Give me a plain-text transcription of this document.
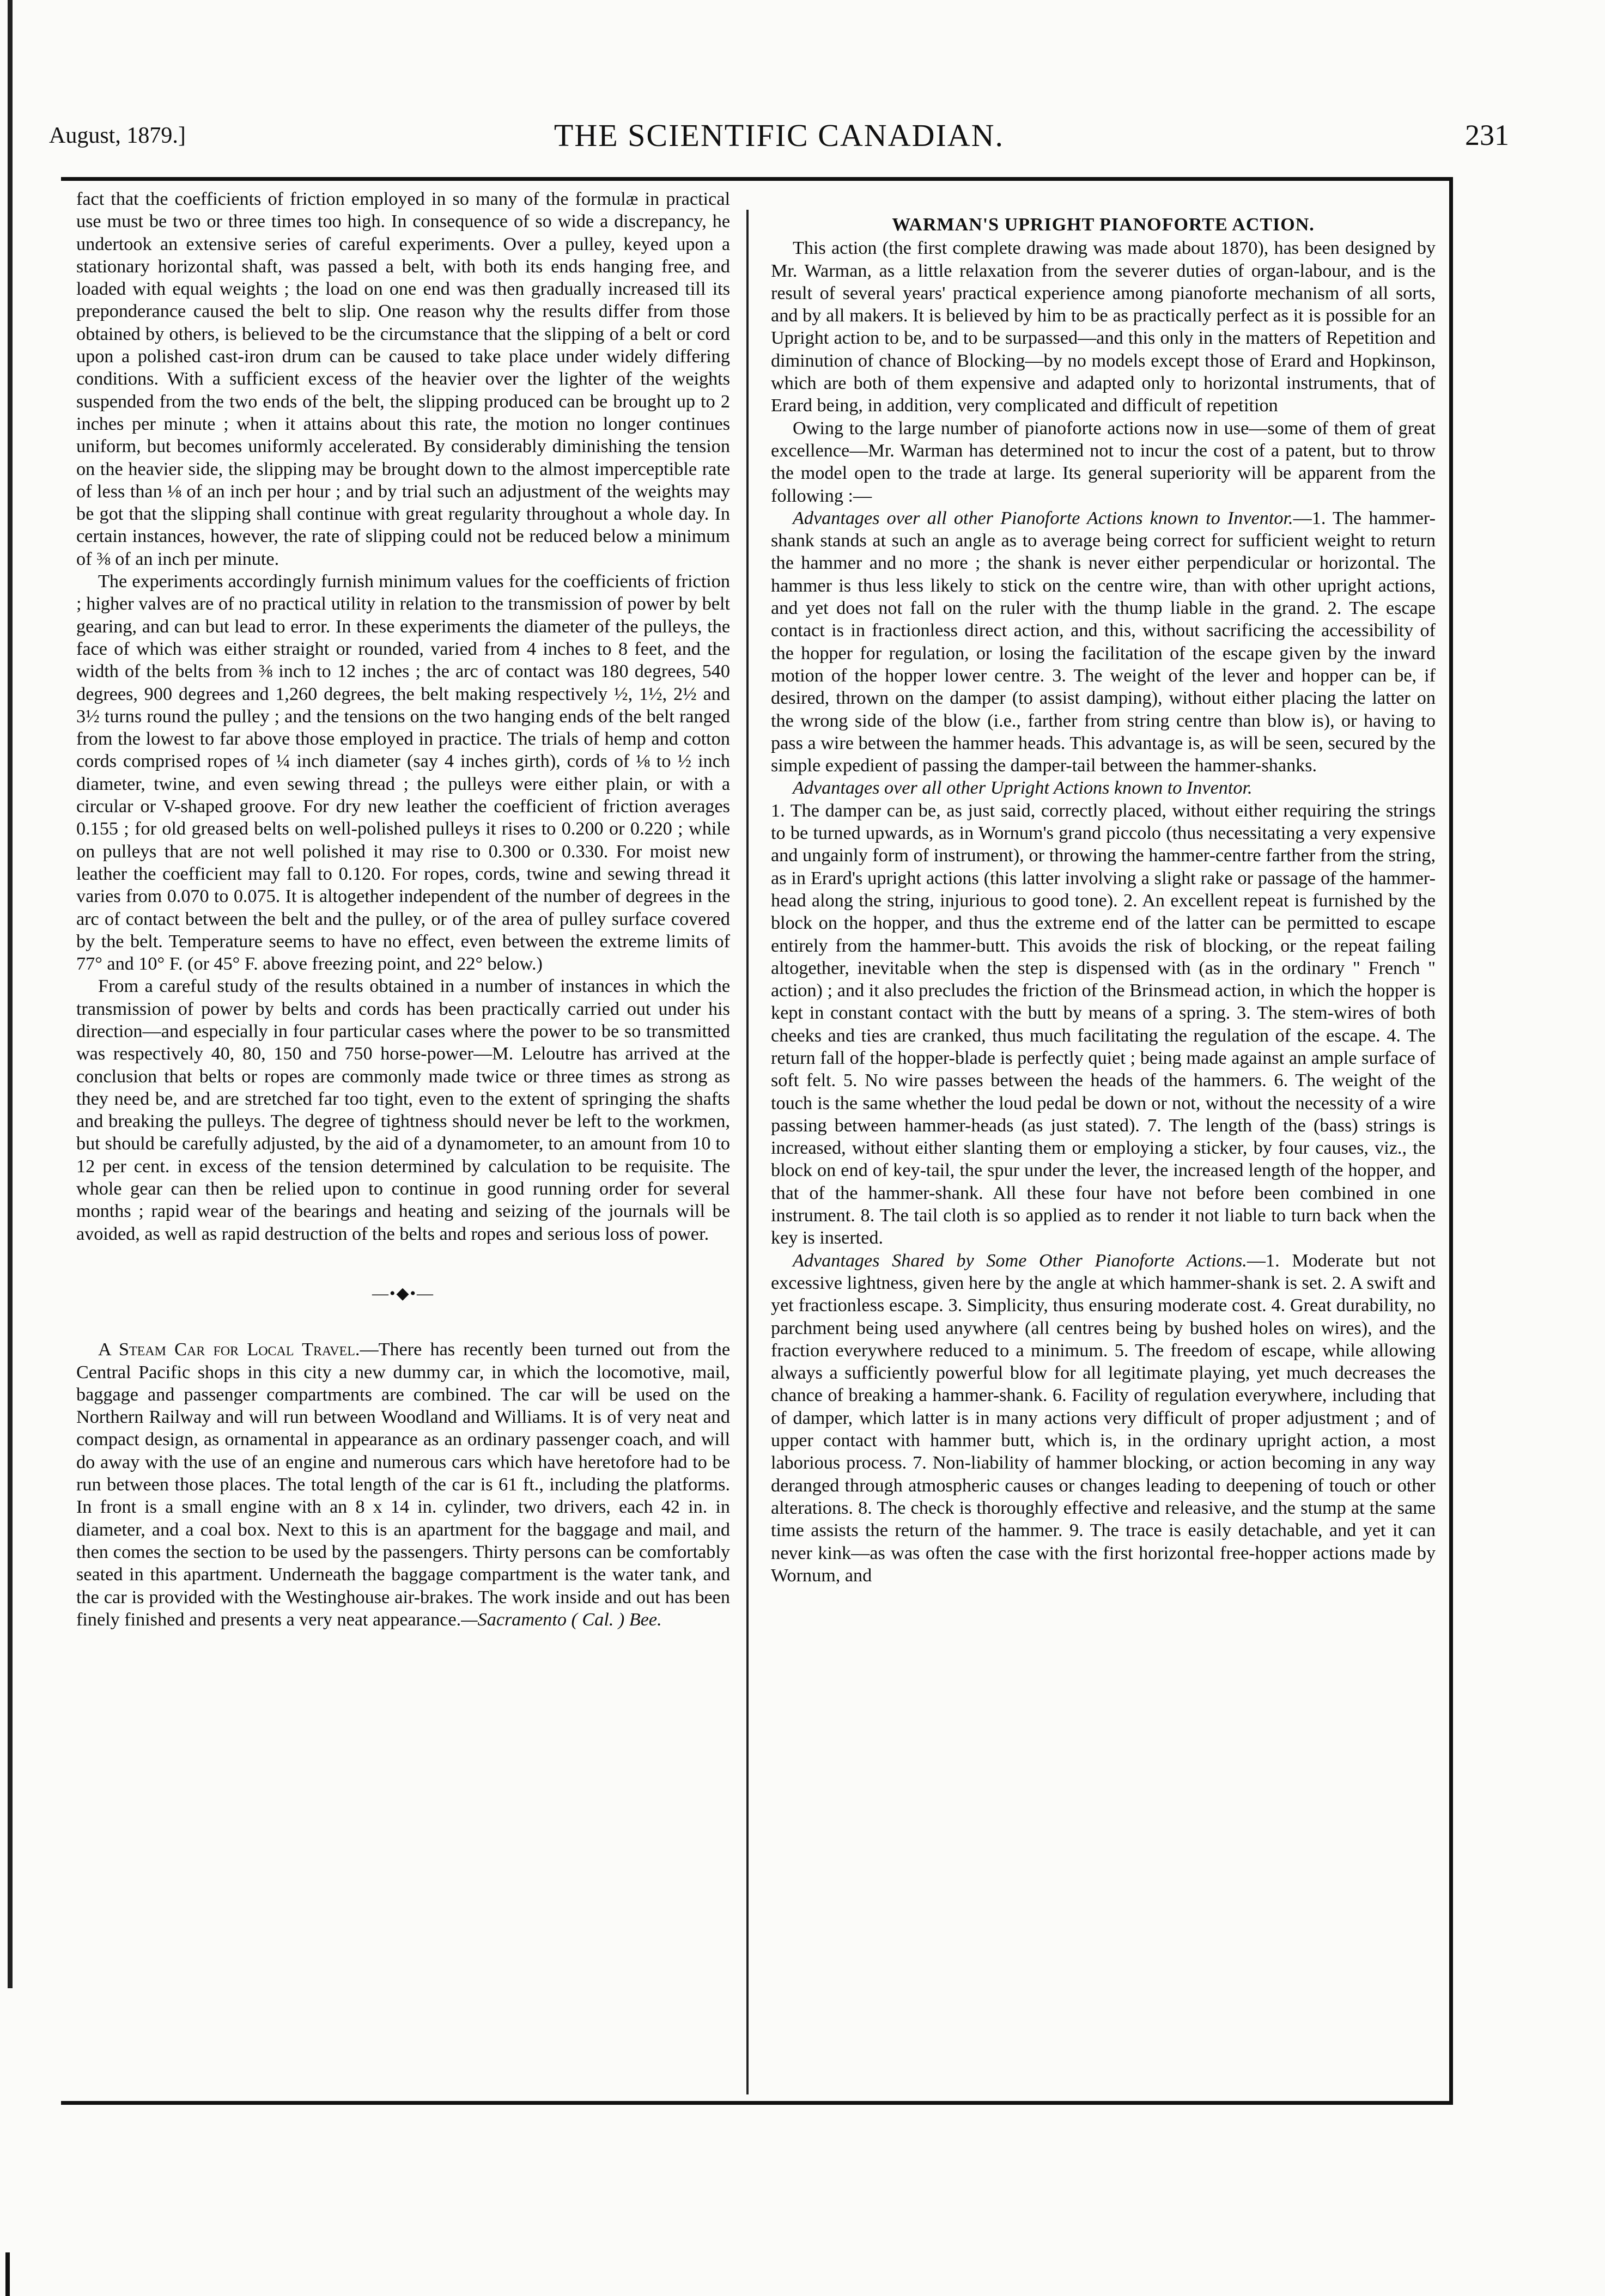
August, 1879.]	THE SCIENTIFIC CANADIAN.	231

fact that the coefficients of friction employed in so many of the formulæ in practical use must be two or three times too high. In consequence of so wide a discrepancy, he undertook an extensive series of careful experiments. Over a pulley, keyed upon a stationary horizontal shaft, was passed a belt, with both its ends hanging free, and loaded with equal weights ; the load on one end was then gradually increased till its preponderance caused the belt to slip. One reason why the results differ from those obtained by others, is believed to be the circumstance that the slipping of a belt or cord upon a polished cast-iron drum can be caused to take place under widely differing conditions. With a sufficient excess of the heavier over the lighter of the weights suspended from the two ends of the belt, the slipping produced can be brought up to 2 inches per minute ; when it attains about this rate, the motion no longer continues uniform, but becomes uniformly accelerated. By considerably diminishing the tension on the heavier side, the slipping may be brought down to the almost imperceptible rate of less than ⅛ of an inch per hour ; and by trial such an adjustment of the weights may be got that the slipping shall continue with great regularity throughout a whole day. In certain instances, however, the rate of slipping could not be reduced below a minimum of ⅜ of an inch per minute.

The experiments accordingly furnish minimum values for the coefficients of friction ; higher valves are of no practical utility in relation to the transmission of power by belt gearing, and can but lead to error. In these experiments the diameter of the pulleys, the face of which was either straight or rounded, varied from 4 inches to 8 feet, and the width of the belts from ⅜ inch to 12 inches ; the arc of contact was 180 degrees, 540 degrees, 900 degrees and 1,260 degrees, the belt making respectively ½, 1½, 2½ and 3½ turns round the pulley ; and the tensions on the two hanging ends of the belt ranged from the lowest to far above those employed in practice. The trials of hemp and cotton cords comprised ropes of ¼ inch diameter (say 4 inches girth), cords of ⅛ to ½ inch diameter, twine, and even sewing thread ; the pulleys were either plain, or with a circular or V-shaped groove. For dry new leather the coefficient of friction averages 0.155 ; for old greased belts on well-polished pulleys it rises to 0.200 or 0.220 ; while on pulleys that are not well polished it may rise to 0.300 or 0.330. For moist new leather the coefficient may fall to 0.120. For ropes, cords, twine and sewing thread it varies from 0.070 to 0.075. It is altogether independent of the number of degrees in the arc of contact between the belt and the pulley, or of the area of pulley surface covered by the belt. Temperature seems to have no effect, even between the extreme limits of 77° and 10° F. (or 45° F. above freezing point, and 22° below.)

From a careful study of the results obtained in a number of instances in which the transmission of power by belts and cords has been practically carried out under his direction—and especially in four particular cases where the power to be so transmitted was respectively 40, 80, 150 and 750 horse-power—M. Leloutre has arrived at the conclusion that belts or ropes are commonly made twice or three times as strong as they need be, and are stretched far too tight, even to the extent of springing the shafts and breaking the pulleys. The degree of tightness should never be left to the workmen, but should be carefully adjusted, by the aid of a dynamometer, to an amount from 10 to 12 per cent. in excess of the tension determined by calculation to be requisite. The whole gear can then be relied upon to continue in good running order for several months ; rapid wear of the bearings and heating and seizing of the journals will be avoided, as well as rapid destruction of the belts and ropes and serious loss of power.

—•◆•—

A Steam Car for Local Travel.—There has recently been turned out from the Central Pacific shops in this city a new dummy car, in which the locomotive, mail, baggage and passenger compartments are combined. The car will be used on the Northern Railway and will run between Woodland and Williams. It is of very neat and compact design, as ornamental in appearance as an ordinary passenger coach, and will do away with the use of an engine and numerous cars which have heretofore had to be run between those places. The total length of the car is 61 ft., including the platforms. In front is a small engine with an 8 x 14 in. cylinder, two drivers, each 42 in. in diameter, and a coal box. Next to this is an apartment for the baggage and mail, and then comes the section to be used by the passengers. Thirty persons can be comfortably seated in this apartment. Underneath the baggage compartment is the water tank, and the car is provided with the Westinghouse air-brakes. The work inside and out has been finely finished and presents a very neat appearance.—Sacramento ( Cal. ) Bee.

WARMAN'S UPRIGHT PIANOFORTE ACTION.

This action (the first complete drawing was made about 1870), has been designed by Mr. Warman, as a little relaxation from the severer duties of organ-labour, and is the result of several years' practical experience among pianoforte mechanism of all sorts, and by all makers. It is believed by him to be as practically perfect as it is possible for an Upright action to be, and to be surpassed—and this only in the matters of Repetition and diminution of chance of Blocking—by no models except those of Erard and Hopkinson, which are both of them expensive and adapted only to horizontal instruments, that of Erard being, in addition, very complicated and difficult of repetition

Owing to the large number of pianoforte actions now in use—some of them of great excellence—Mr. Warman has determined not to incur the cost of a patent, but to throw the model open to the trade at large. Its general superiority will be apparent from the following :—

Advantages over all other Pianoforte Actions known to Inventor.—1. The hammer-shank stands at such an angle as to average being correct for sufficient weight to return the hammer and no more ; the shank is never either perpendicular or horizontal. The hammer is thus less likely to stick on the centre wire, than with other upright actions, and yet does not fall on the ruler with the thump liable in the grand. 2. The escape contact is in fractionless direct action, and this, without sacrificing the accessibility of the hopper for regulation, or losing the facilitation of the escape given by the inward motion of the hopper lower centre. 3. The weight of the lever and hopper can be, if desired, thrown on the damper (to assist damping), without either placing the latter on the wrong side of the blow (i.e., farther from string centre than blow is), or having to pass a wire between the hammer heads. This advantage is, as will be seen, secured by the simple expedient of passing the damper-tail between the hammer-shanks.

Advantages over all other Upright Actions known to Inventor.
1. The damper can be, as just said, correctly placed, without either requiring the strings to be turned upwards, as in Wornum's grand piccolo (thus necessitating a very expensive and ungainly form of instrument), or throwing the hammer-centre farther from the string, as in Erard's upright actions (this latter involving a slight rake or passage of the hammer-head along the string, injurious to good tone). 2. An excellent repeat is furnished by the block on the hopper, and thus the extreme end of the latter can be permitted to escape entirely from the hammer-butt. This avoids the risk of blocking, or the repeat failing altogether, inevitable when the step is dispensed with (as in the ordinary " French " action) ; and it also precludes the friction of the Brinsmead action, in which the hopper is kept in constant contact with the butt by means of a spring. 3. The stem-wires of both cheeks and ties are cranked, thus much facilitating the regulation of the escape. 4. The return fall of the hopper-blade is perfectly quiet ; being made against an ample surface of soft felt. 5. No wire passes between the heads of the hammers. 6. The weight of the touch is the same whether the loud pedal be down or not, without the necessity of a wire passing between hammer-heads (as just stated). 7. The length of the (bass) strings is increased, without either slanting them or employing a sticker, by four causes, viz., the block on end of key-tail, the spur under the lever, the increased length of the hopper, and that of the hammer-shank. All these four have not before been combined in one instrument. 8. The tail cloth is so applied as to render it not liable to turn back when the key is inserted.

Advantages Shared by Some Other Pianoforte Actions.—1. Moderate but not excessive lightness, given here by the angle at which hammer-shank is set. 2. A swift and yet fractionless escape. 3. Simplicity, thus ensuring moderate cost. 4. Great durability, no parchment being used anywhere (all centres being by bushed holes on wires), and the fraction everywhere reduced to a minimum. 5. The freedom of escape, while allowing always a sufficiently powerful blow for all legitimate playing, yet much decreases the chance of breaking a hammer-shank. 6. Facility of regulation everywhere, including that of damper, which latter is in many actions very difficult of proper adjustment ; and of upper contact with hammer butt, which is, in the ordinary upright action, a most laborious process. 7. Non-liability of hammer blocking, or action becoming in any way deranged through atmospheric causes or changes leading to deepening of touch or other alterations. 8. The check is thoroughly effective and releasive, and the stump at the same time assists the return of the hammer. 9. The trace is easily detachable, and yet it can never kink—as was often the case with the first horizontal free-hopper actions made by Wornum, and
